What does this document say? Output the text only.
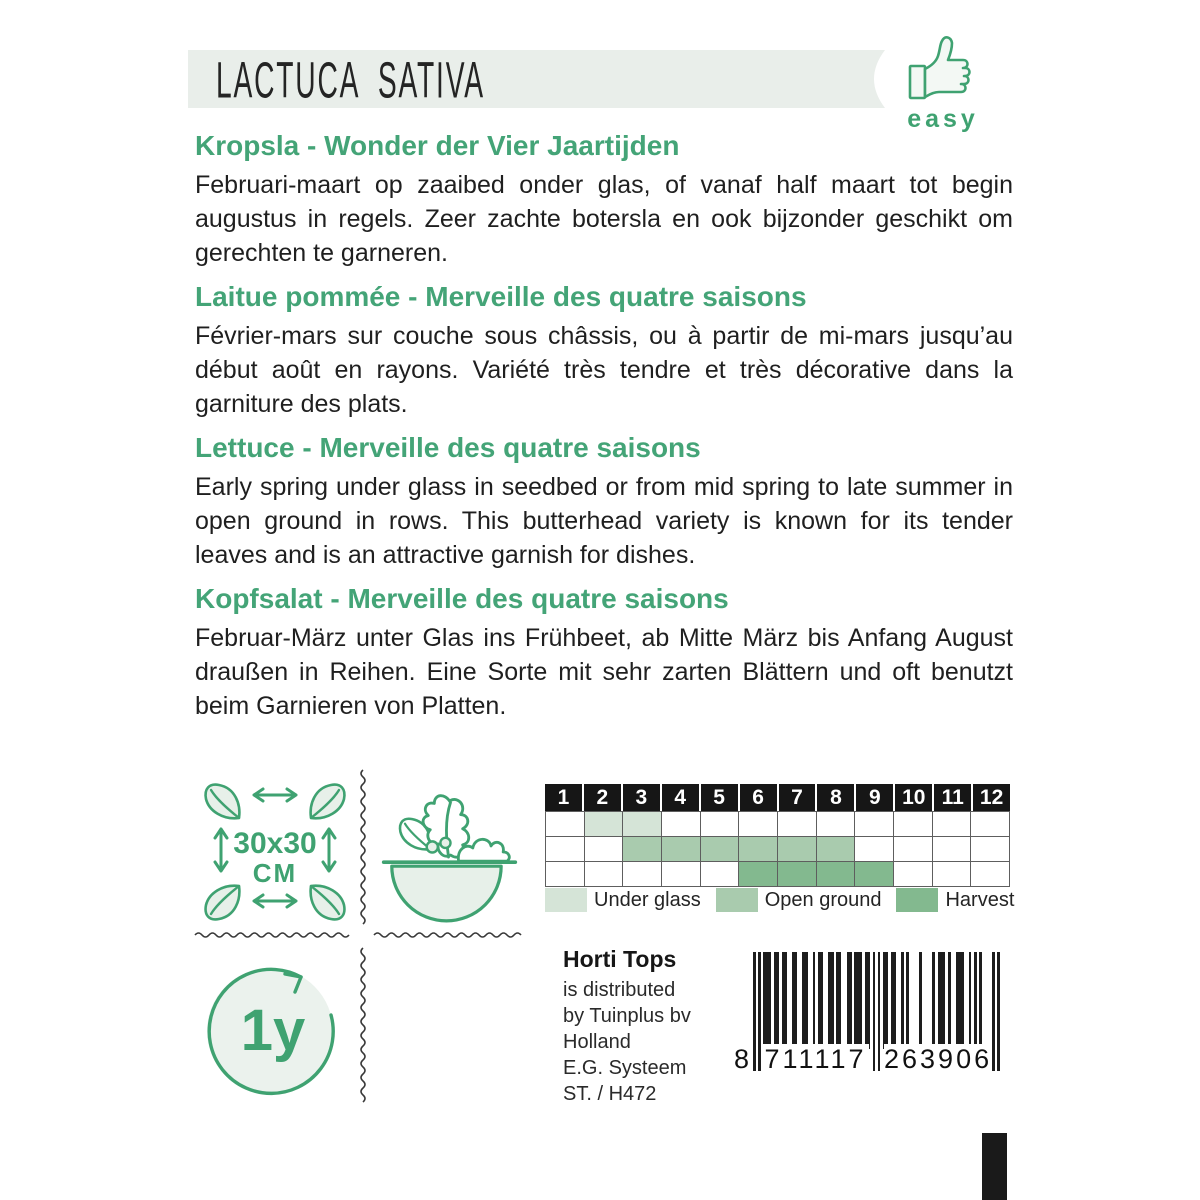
LACTUCA SATIVA
easy
Kropsla - Wonder der Vier Jaartijden

Februari-maart op zaaibed onder glas, of vanaf half maart tot begin augustus in regels. Zeer zachte botersla en ook bijzonder geschikt om gerechten te garneren.

Laitue pommée - Merveille des quatre saisons

Février-mars sur couche sous châssis, ou à partir de mi-mars jusqu’au début août en rayons. Variété très tendre et très décorative dans la garniture des plats.

Lettuce - Merveille des quatre saisons

Early spring under glass in seedbed or from mid spring to late summer in open ground in rows. This butterhead variety is known for its tender leaves and is an attractive garnish for dishes.

Kopfsalat - Merveille des quatre saisons

Februar-März unter Glas ins Frühbeet, ab Mitte März bis Anfang August draußen in Reihen. Eine Sorte mit sehr zarten Blättern und oft benutzt beim Garnieren von Platten.

30x30
CM
1y
1	2	3	4	5	6	7	8	9	10 11 12
Under glass	Open ground	Harvest
Horti Tops
is distributed
by Tuinplus bv
Holland
E.G. Systeem
ST. / H472
8 711117 263906
